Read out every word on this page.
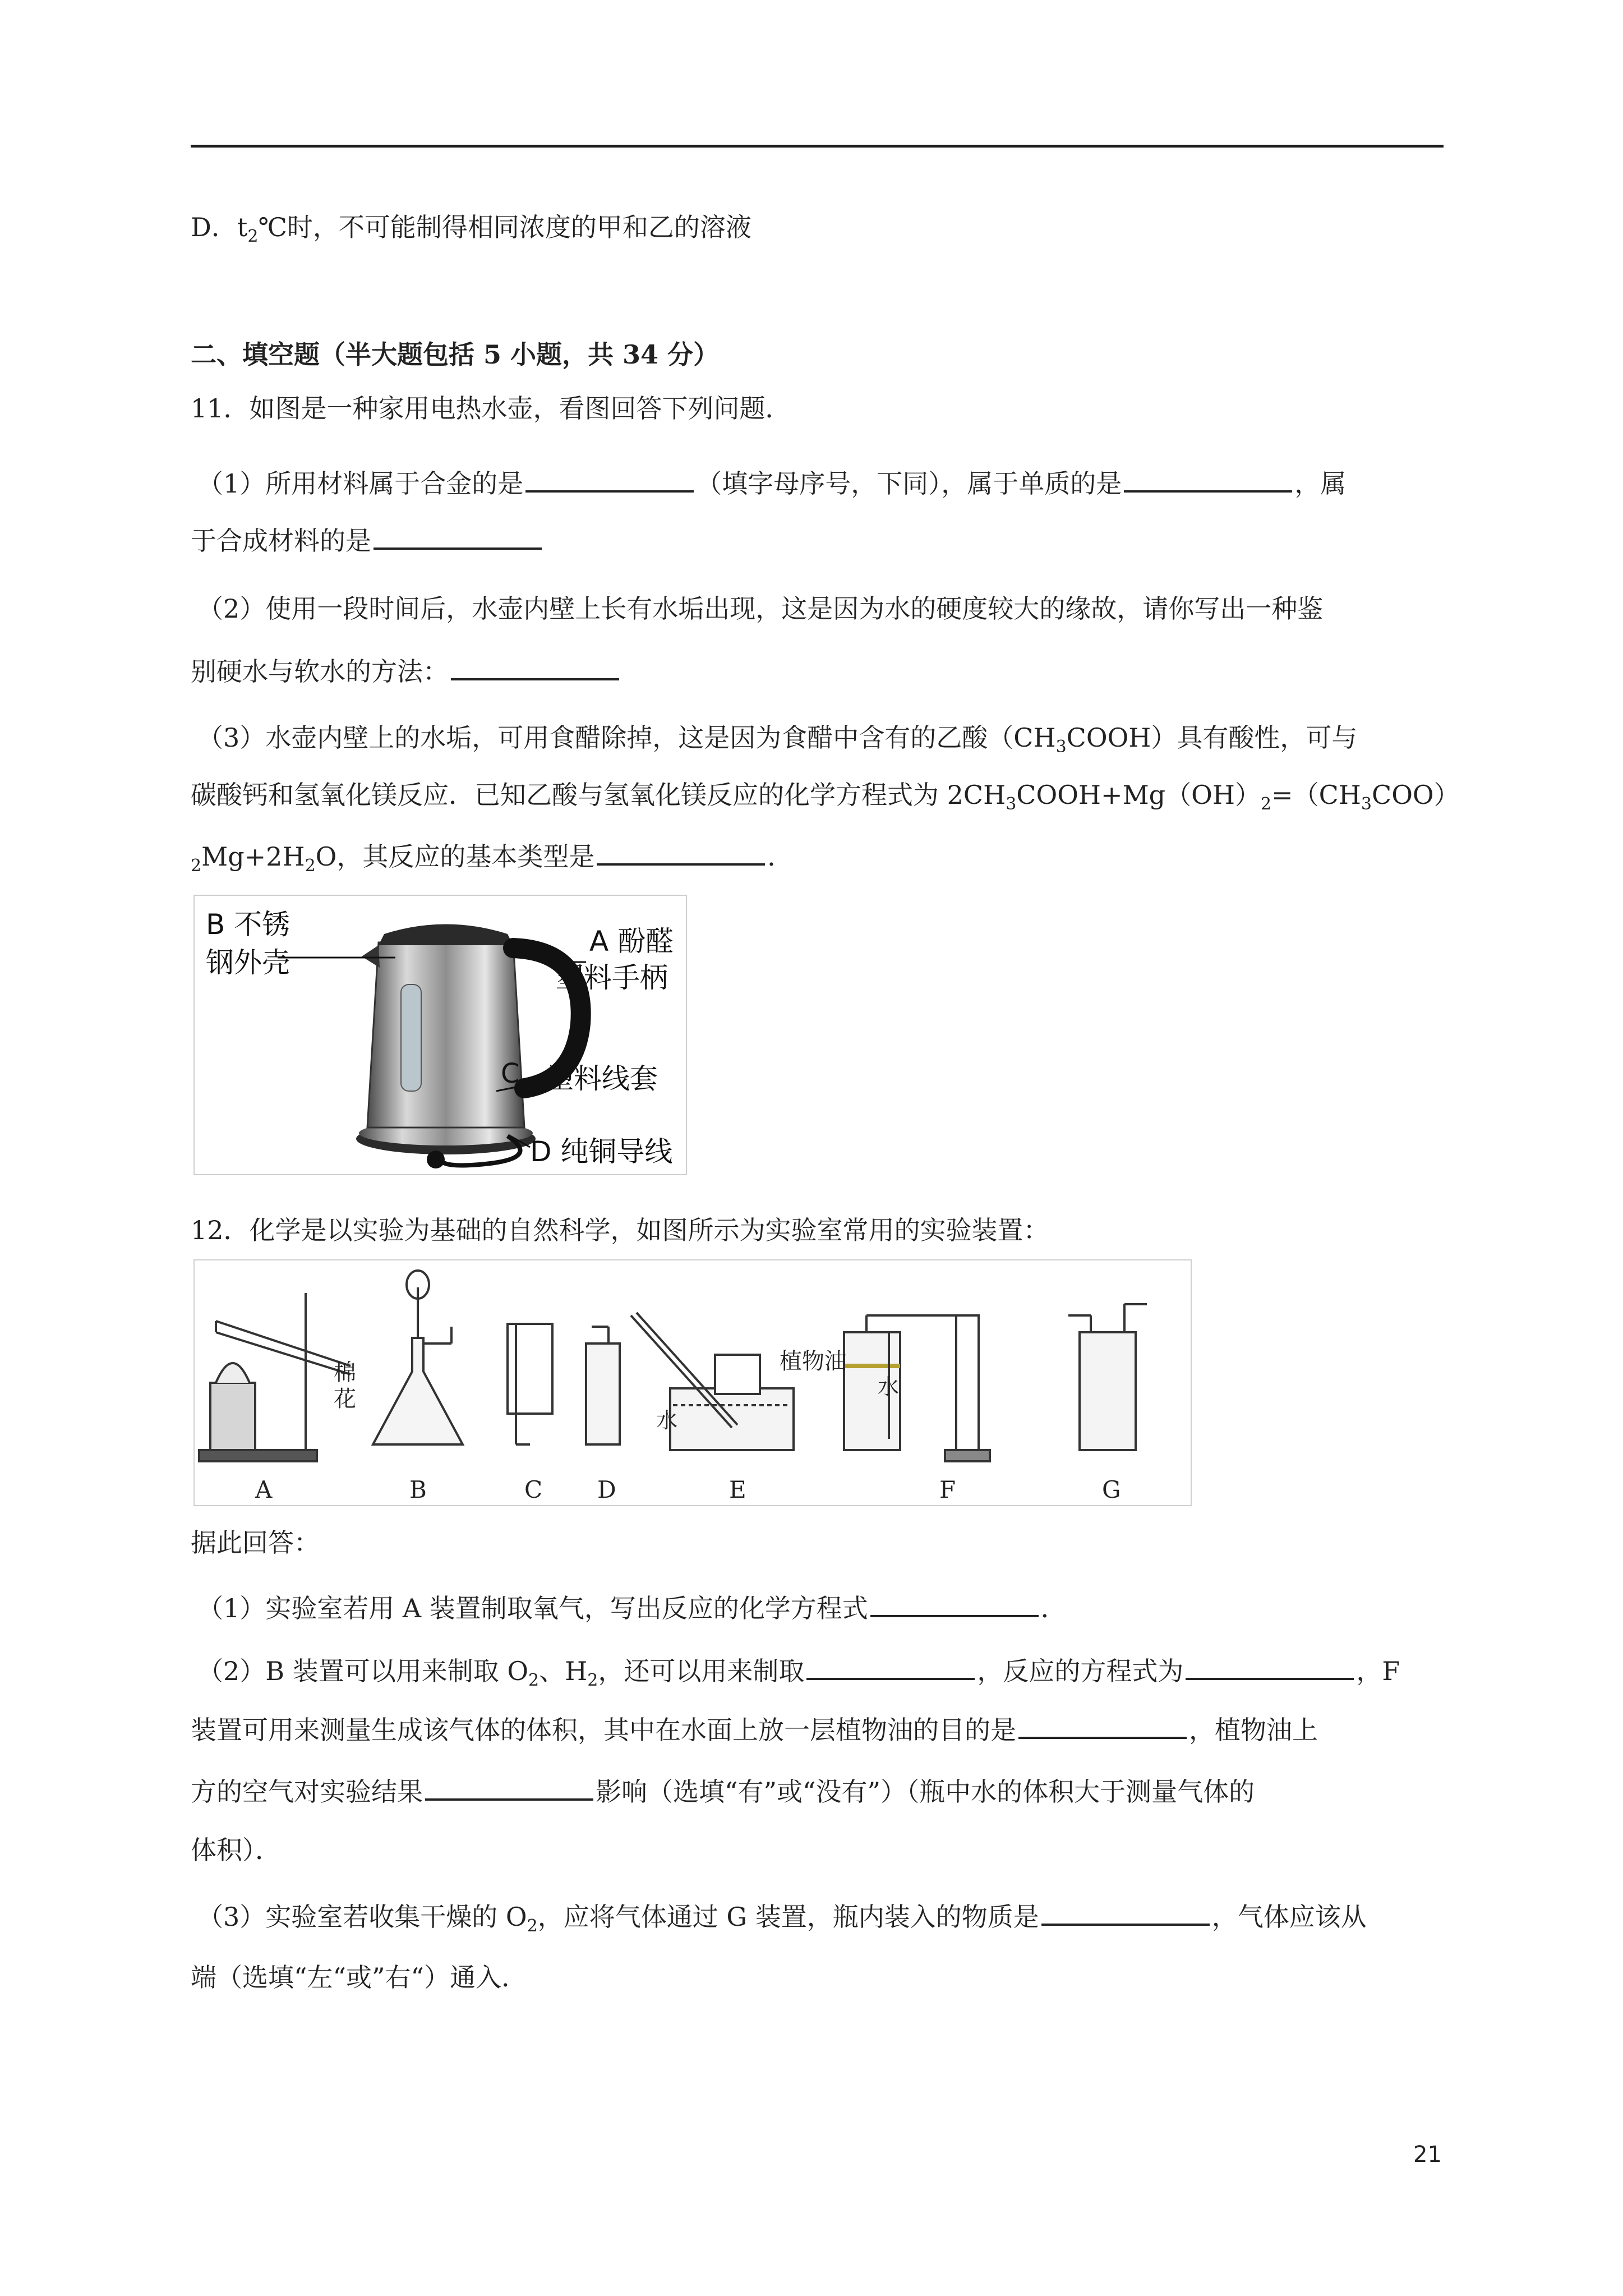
D．$t_2℃$时，不可能制得相同浓度的甲和乙的溶液
二、填空题（半大题包括 5 小题，共 34 分）
11．如图是一种家用电热水壶，看图回答下列问题．
（1）所用材料属于合金的是	（填字母序号，下同），属于单质的是	，属
于合成材料的是
（2）使用一段时间后，水壶内壁上长有水垢出现，这是因为水的硬度较大的缘故，请你写出一种鉴
别硬水与软水的方法：
（3）水壶内壁上的水垢，可用食醋除掉，这是因为食醋中含有的乙酸$(CH_3COOH)$具有酸性，可与
碳酸钙和氢氧化镁反应．已知乙酸与氢氧化镁反应的化学方程式为 $2CH_3COOH+Mg(OH)_2=(CH_3COO)$
$_2Mg+2H_2O$，其反应的基本类型是	．
B 不锈
钢外壳
A 酚醛
塑料手柄
C 塑料线套
D 纯铜导线
12．化学是以实验为基础的自然科学，如图所示为实验室常用的实验装置：
棉
花
植物油
水
水
A	B	C D	E	F	G
据此回答：
（1）实验室若用 A 装置制取氧气，写出反应的化学方程式	．
（2）B 装置可以用来制取 $O_2$、$H_2$，还可以用来制取	，反应的方程式为	，F
装置可用来测量生成该气体的体积，其中在水面上放一层植物油的目的是	，植物油上
方的空气对实验结果	影响（选填“有”或“没有”）（瓶中水的体积大于测量气体的
体积）．
（3）实验室若收集干燥的 $O_2$，应将气体通过 G 装置，瓶内装入的物质是	，气体应该从
端（选填“左“或”右“）通入．
21
